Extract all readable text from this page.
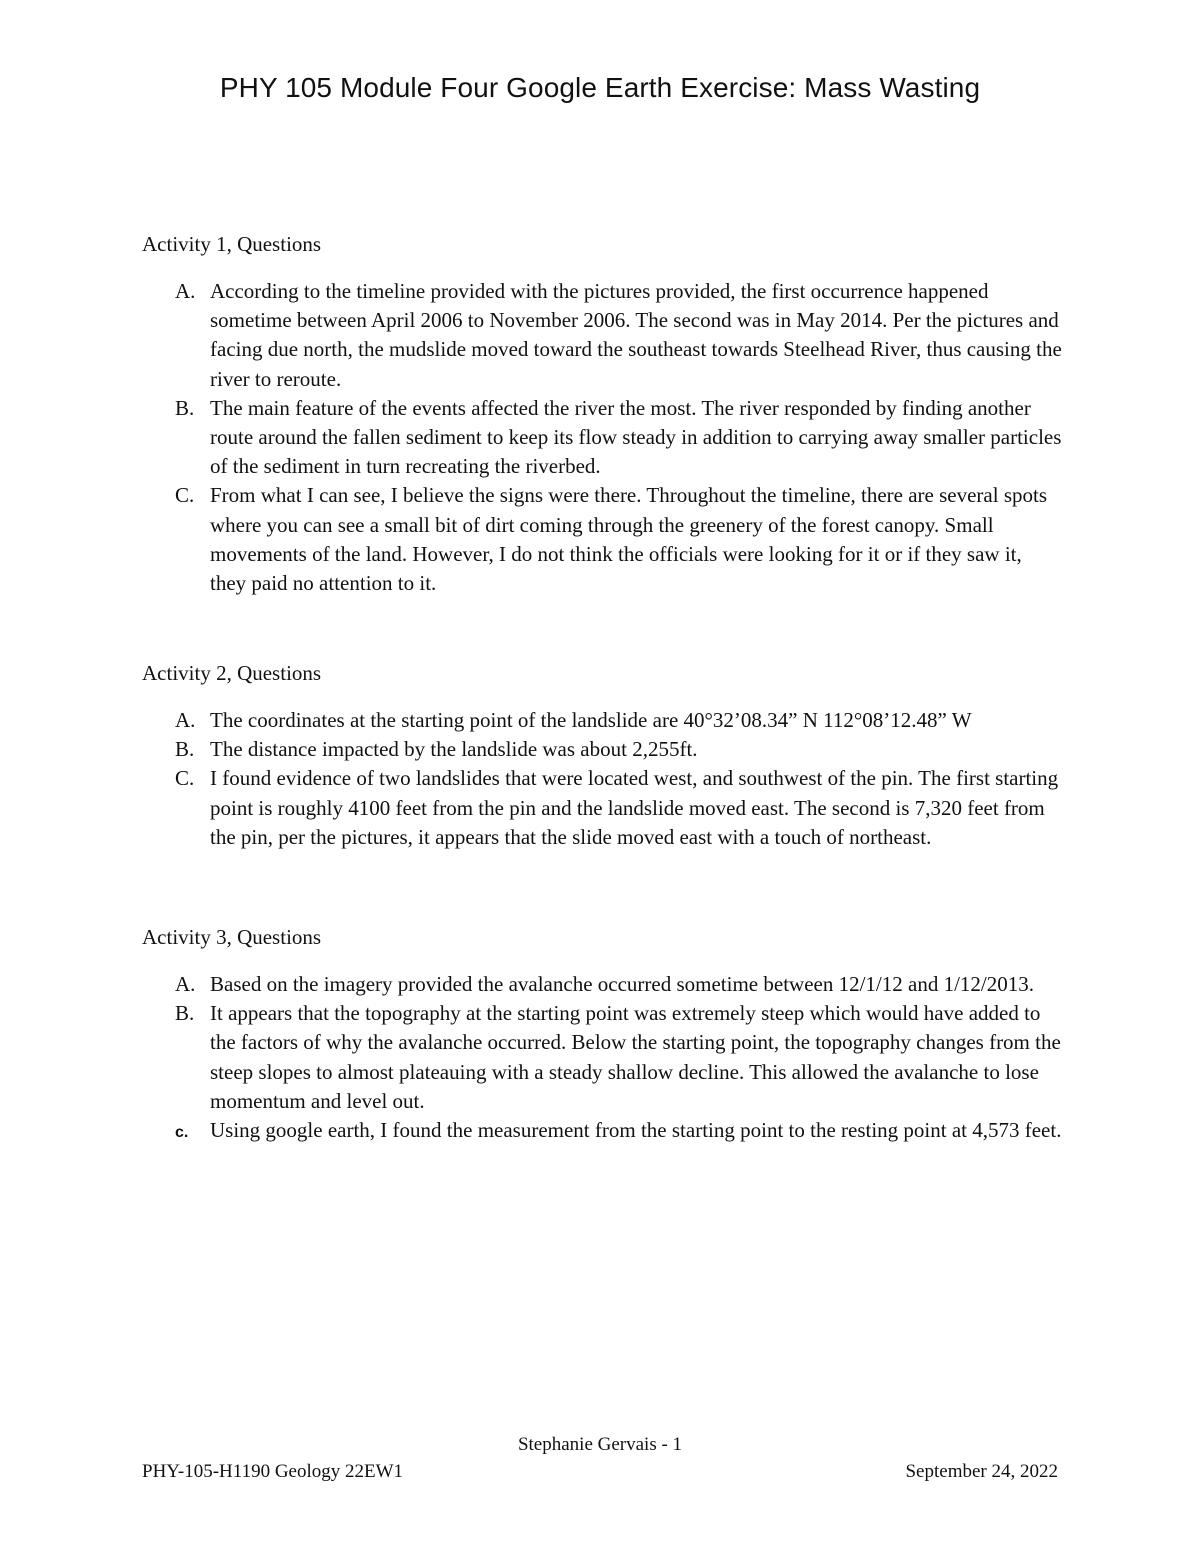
PHY 105 Module Four Google Earth Exercise: Mass Wasting

Activity 1, Questions

A. According to the timeline provided with the pictures provided, the first occurrence happened sometime between April 2006 to November 2006. The second was in May 2014. Per the pictures and facing due north, the mudslide moved toward the southeast towards Steelhead River, thus causing the river to reroute.
B. The main feature of the events affected the river the most. The river responded by finding another route around the fallen sediment to keep its flow steady in addition to carrying away smaller particles of the sediment in turn recreating the riverbed.
C. From what I can see, I believe the signs were there. Throughout the timeline, there are several spots where you can see a small bit of dirt coming through the greenery of the forest canopy. Small movements of the land. However, I do not think the officials were looking for it or if they saw it, they paid no attention to it.

Activity 2, Questions

A. The coordinates at the starting point of the landslide are 40°32’08.34” N 112°08’12.48” W
B. The distance impacted by the landslide was about 2,255ft.
C. I found evidence of two landslides that were located west, and southwest of the pin. The first starting point is roughly 4100 feet from the pin and the landslide moved east. The second is 7,320 feet from the pin, per the pictures, it appears that the slide moved east with a touch of northeast.

Activity 3, Questions

A. Based on the imagery provided the avalanche occurred sometime between 12/1/12 and 1/12/2013.
B. It appears that the topography at the starting point was extremely steep which would have added to the factors of why the avalanche occurred. Below the starting point, the topography changes from the steep slopes to almost plateauing with a steady shallow decline. This allowed the avalanche to lose momentum and level out.
c.	Using google earth, I found the measurement from the starting point to the resting point at 4,573 feet.
Stephanie Gervais - 1
PHY-105-H1190 Geology 22EW1	September 24, 2022
